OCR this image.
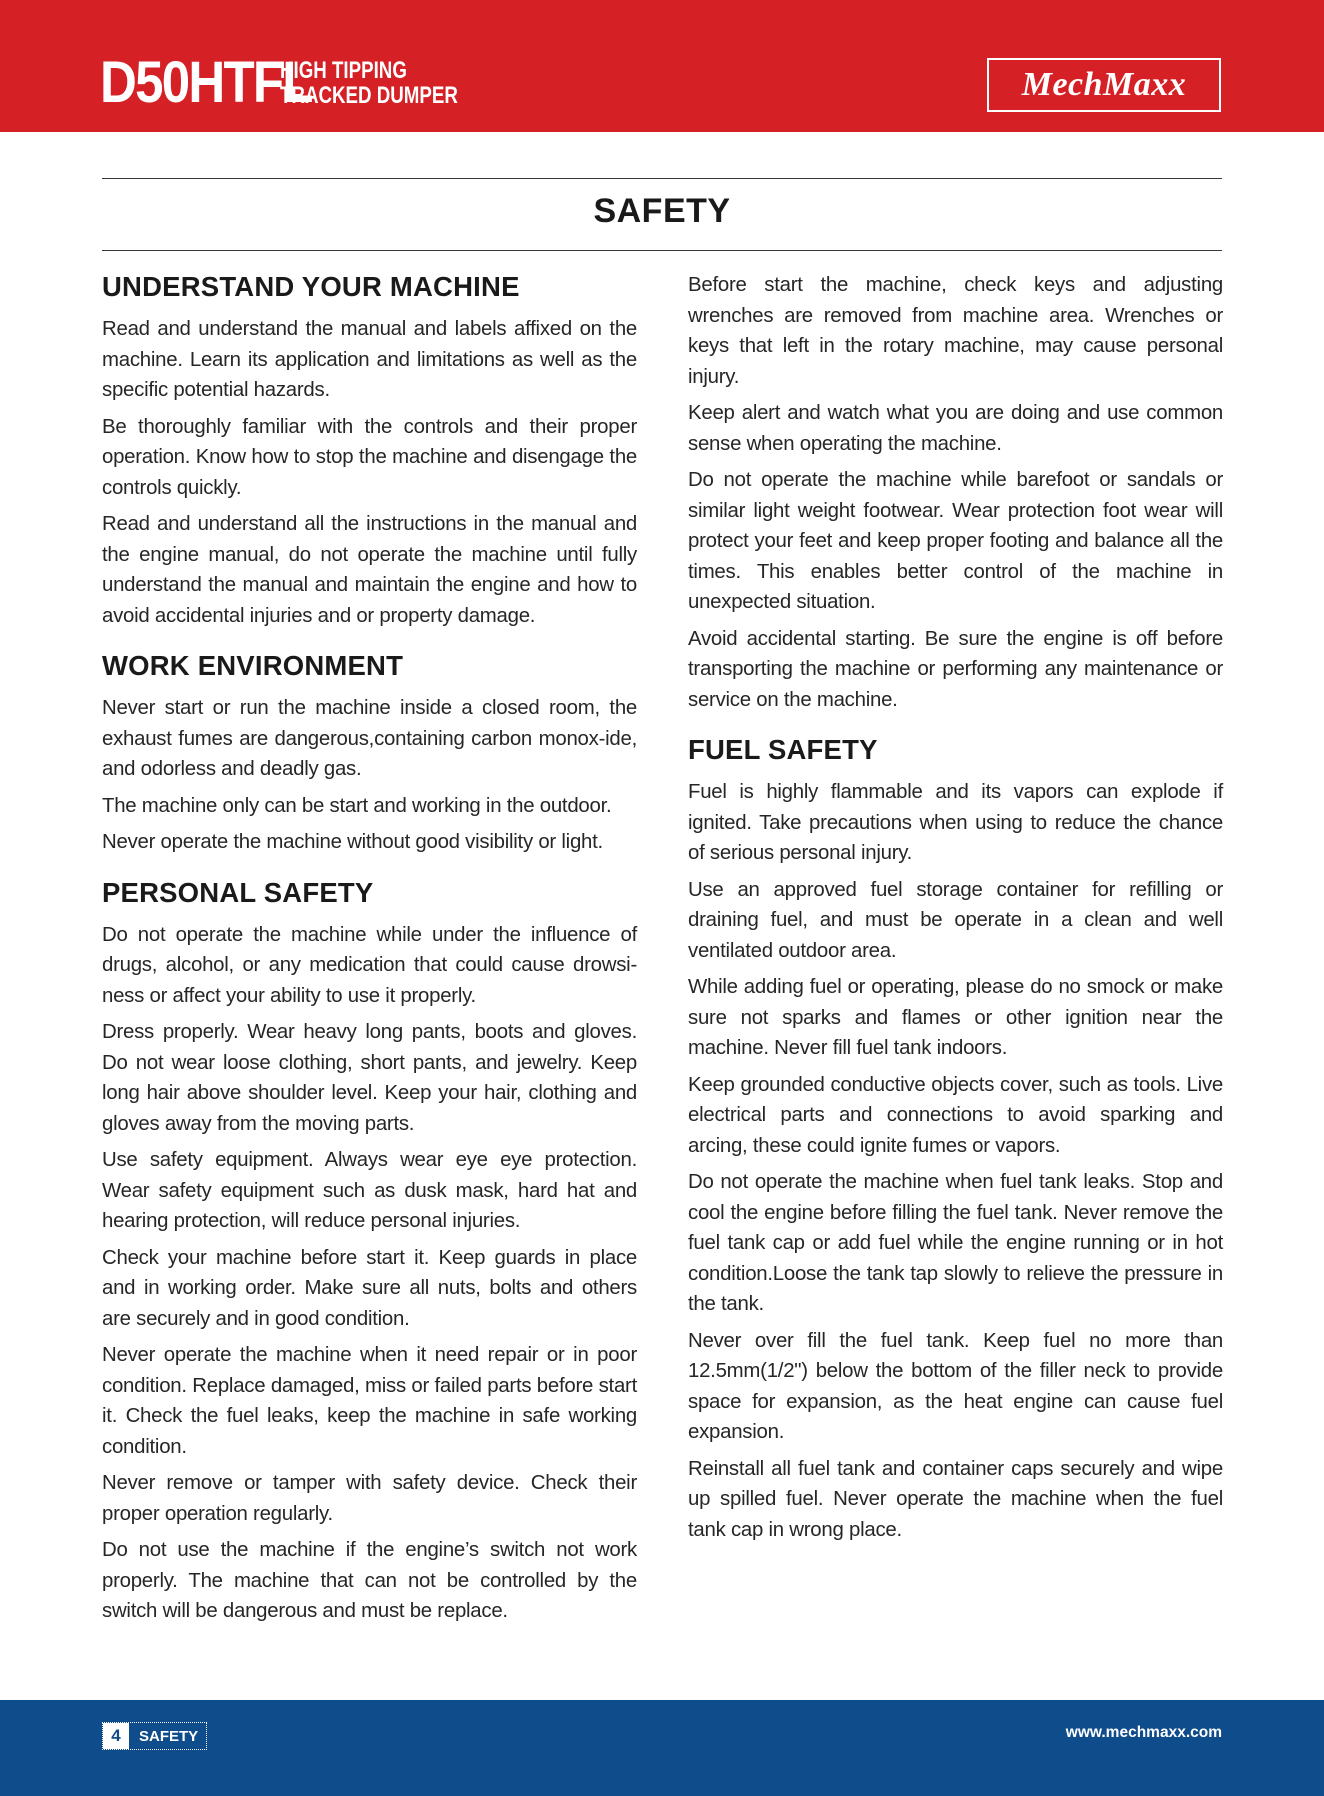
D50HTFL
HIGH TIPPING
TRACKED DUMPER	MechMaxx
SAFETY
UNDERSTAND YOUR MACHINE

Read and understand the manual and labels affixed on the machine. Learn its application and limitations as well as the specific potential hazards.

Be thoroughly familiar with the controls and their proper operation. Know how to stop the machine and disengage the controls quickly.

Read and understand all the instructions in the manual and the engine manual, do not operate the machine until fully understand the manual and maintain the engine and how to avoid accidental injuries and or property damage.

WORK ENVIRONMENT

Never start or run the machine inside a closed room, the exhaust fumes are dangerous,containing carbon monox-ide, and odorless and deadly gas.

The machine only can be start and working in the outdoor.

Never operate the machine without good visibility or light.

PERSONAL SAFETY

Do not operate the machine while under the influence of drugs, alcohol, or any medication that could cause drowsi-ness or affect your ability to use it properly.

Dress properly. Wear heavy long pants, boots and gloves. Do not wear loose clothing, short pants, and jewelry. Keep long hair above shoulder level. Keep your hair, clothing and gloves away from the moving parts.

Use safety equipment. Always wear eye eye protection. Wear safety equipment such as dusk mask, hard hat and hearing protection, will reduce personal injuries.

Check your machine before start it. Keep guards in place and in working order. Make sure all nuts, bolts and others are securely and in good condition.

Never operate the machine when it need repair or in poor condition. Replace damaged, miss or failed parts before start it. Check the fuel leaks, keep the machine in safe working condition.

Never remove or tamper with safety device. Check their proper operation regularly.

Do not use the machine if the engine’s switch not work properly. The machine that can not be controlled by the switch will be dangerous and must be replace.

Before start the machine, check keys and adjusting wrenches are removed from machine area. Wrenches or keys that left in the rotary machine, may cause personal injury.

Keep alert and watch what you are doing and use common sense when operating the machine.

Do not operate the machine while barefoot or sandals or similar light weight footwear. Wear protection foot wear will protect your feet and keep proper footing and balance all the times. This enables better control of the machine in unexpected situation.

Avoid accidental starting. Be sure the engine is off before transporting the machine or performing any maintenance or service on the machine.

FUEL SAFETY

Fuel is highly flammable and its vapors can explode if ignited. Take precautions when using to reduce the chance of serious personal injury.

Use an approved fuel storage container for refilling or draining fuel, and must be operate in a clean and well ventilated outdoor area.

While adding fuel or operating, please do no smock or make sure not sparks and flames or other ignition near the machine. Never fill fuel tank indoors.

Keep grounded conductive objects cover, such as tools. Live electrical parts and connections to avoid sparking and arcing, these could ignite fumes or vapors.

Do not operate the machine when fuel tank leaks. Stop and cool the engine before filling the fuel tank. Never remove the fuel tank cap or add fuel while the engine running or in hot condition.Loose the tank tap slowly to relieve the pressure in the tank.

Never over fill the fuel tank. Keep fuel no more than 12.5mm(1/2") below the bottom of the filler neck to provide space for expansion, as the heat engine can cause fuel expansion.

Reinstall all fuel tank and container caps securely and wipe up spilled fuel. Never operate the machine when the fuel tank cap in wrong place.

4	SAFETY	www.mechmaxx.com
